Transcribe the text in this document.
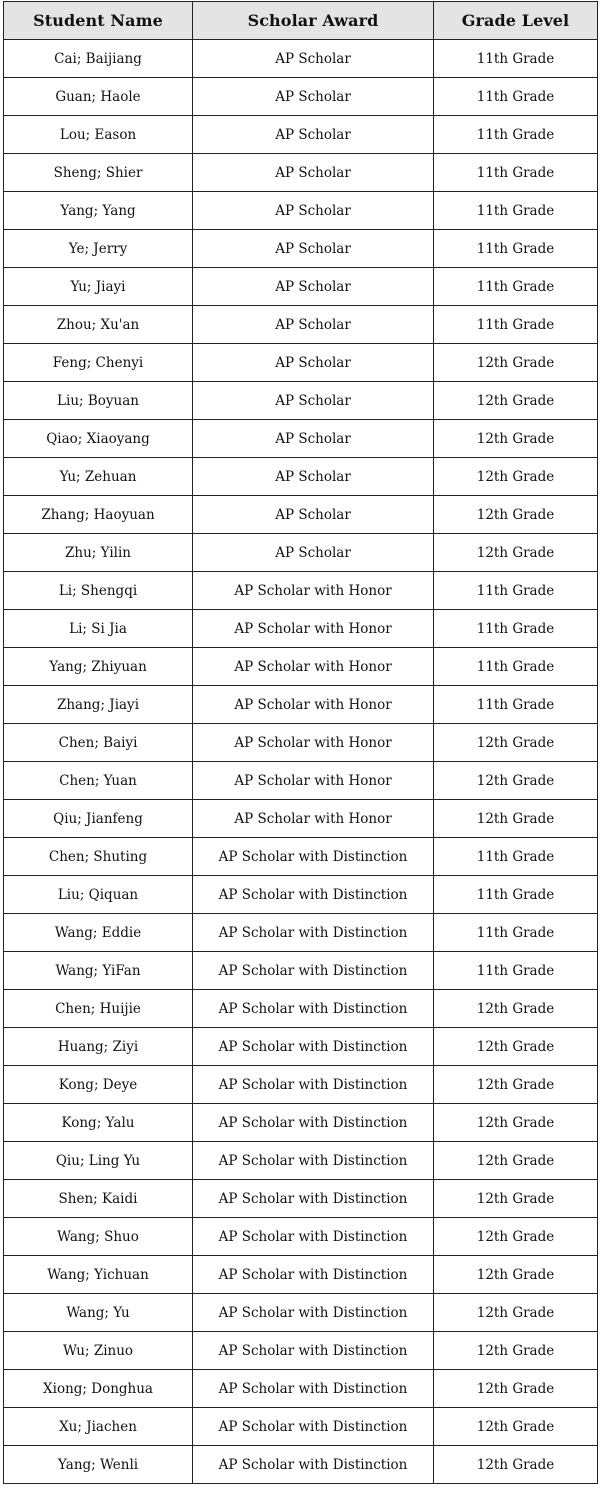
Student Name	Scholar Award	Grade Level
Cai; Baijiang	AP Scholar	11th Grade
Guan; Haole	AP Scholar	11th Grade
Lou; Eason	AP Scholar	11th Grade
Sheng; Shier	AP Scholar	11th Grade
Yang; Yang	AP Scholar	11th Grade
Ye; Jerry	AP Scholar	11th Grade
Yu; Jiayi	AP Scholar	11th Grade
Zhou; Xu'an	AP Scholar	11th Grade
Feng; Chenyi	AP Scholar	12th Grade
Liu; Boyuan	AP Scholar	12th Grade
Qiao; Xiaoyang	AP Scholar	12th Grade
Yu; Zehuan	AP Scholar	12th Grade
Zhang; Haoyuan	AP Scholar	12th Grade
Zhu; Yilin	AP Scholar	12th Grade
Li; Shengqi	AP Scholar with Honor	11th Grade
Li; Si Jia	AP Scholar with Honor	11th Grade
Yang; Zhiyuan	AP Scholar with Honor	11th Grade
Zhang; Jiayi	AP Scholar with Honor	11th Grade
Chen; Baiyi	AP Scholar with Honor	12th Grade
Chen; Yuan	AP Scholar with Honor	12th Grade
Qiu; Jianfeng	AP Scholar with Honor	12th Grade
Chen; Shuting	AP Scholar with Distinction	11th Grade
Liu; Qiquan	AP Scholar with Distinction	11th Grade
Wang; Eddie	AP Scholar with Distinction	11th Grade
Wang; YiFan	AP Scholar with Distinction	11th Grade
Chen; Huijie	AP Scholar with Distinction	12th Grade
Huang; Ziyi	AP Scholar with Distinction	12th Grade
Kong; Deye	AP Scholar with Distinction	12th Grade
Kong; Yalu	AP Scholar with Distinction	12th Grade
Qiu; Ling Yu	AP Scholar with Distinction	12th Grade
Shen; Kaidi	AP Scholar with Distinction	12th Grade
Wang; Shuo	AP Scholar with Distinction	12th Grade
Wang; Yichuan	AP Scholar with Distinction	12th Grade
Wang; Yu	AP Scholar with Distinction	12th Grade
Wu; Zinuo	AP Scholar with Distinction	12th Grade
Xiong; Donghua	AP Scholar with Distinction	12th Grade
Xu; Jiachen	AP Scholar with Distinction	12th Grade
Yang; Wenli	AP Scholar with Distinction	12th Grade
